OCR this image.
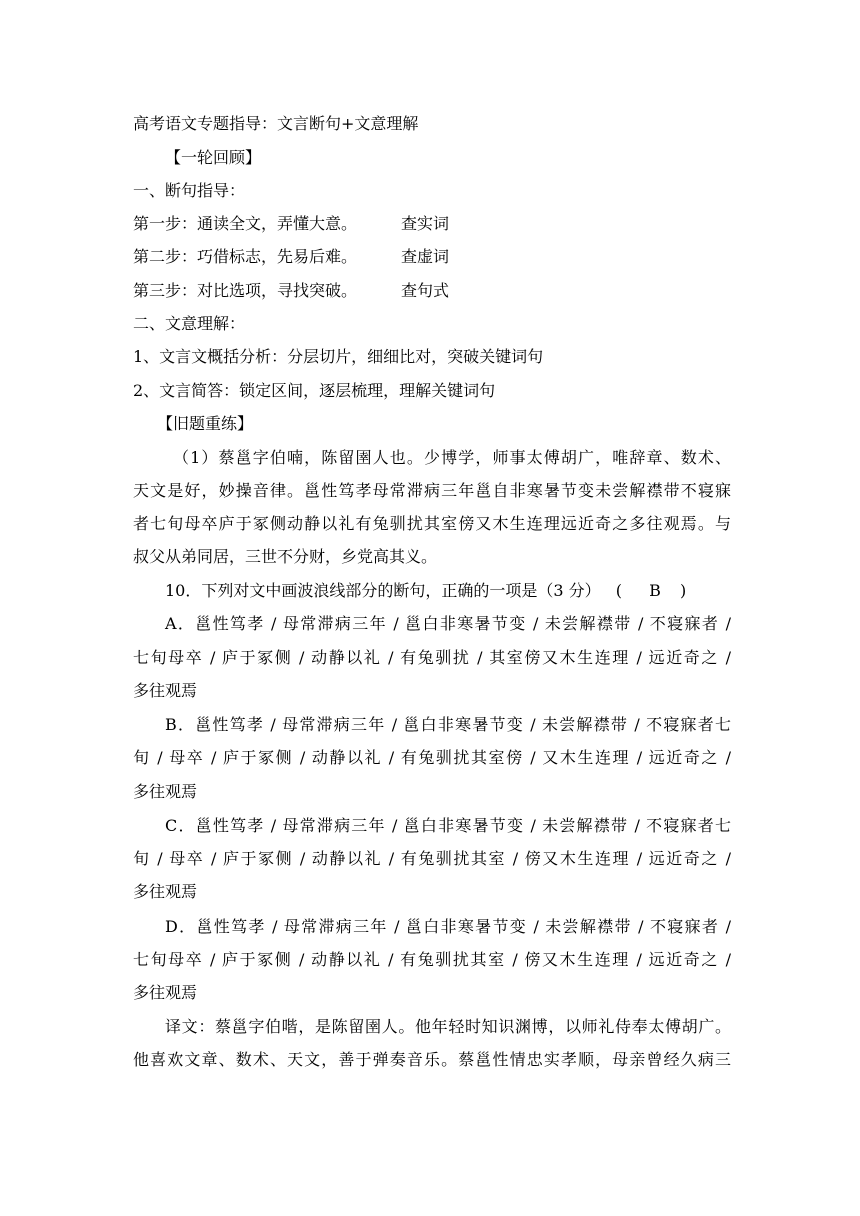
高考语文专题指导：文言断句+文意理解
【一轮回顾】
一、断句指导：
第一步：通读全文，弄懂大意。	查实词
第二步：巧借标志，先易后难。	查虚词
第三步：对比选项，寻找突破。	查句式
二、文意理解：
1、文言文概括分析：分层切片，细细比对，突破关键词句
2、文言简答：锁定区间，逐层梳理，理解关键词句
【旧题重练】
（1）蔡邕字伯喃，陈留圉人也。少博学，师事太傅胡广，唯辞章、数术、
天文是好，妙操音律。邕性笃孝母常滞病三年邕自非寒暑节变未尝解襟带不寝寐
者七旬母卒庐于冢侧动静以礼有兔驯扰其室傍又木生连理远近奇之多往观焉。与
叔父从弟同居，三世不分财，乡党高其义。
10．下列对文中画波浪线部分的断句，正确的一项是（3 分） ( B )
A．邕性笃孝 / 母常滞病三年 / 邕白非寒暑节变 / 未尝解襟带 / 不寝寐者 /
七旬母卒 / 庐于冢侧 / 动静以礼 / 有兔驯扰 / 其室傍又木生连理 / 远近奇之 /
多往观焉
B．邕性笃孝 / 母常滞病三年 / 邕白非寒暑节变 / 未尝解襟带 / 不寝寐者七
旬 / 母卒 / 庐于冢侧 / 动静以礼 / 有兔驯扰其室傍 / 又木生连理 / 远近奇之 /
多往观焉
C．邕性笃孝 / 母常滞病三年 / 邕白非寒暑节变 / 未尝解襟带 / 不寝寐者七
旬 / 母卒 / 庐于冢侧 / 动静以礼 / 有兔驯扰其室 / 傍又木生连理 / 远近奇之 /
多往观焉
D．邕性笃孝 / 母常滞病三年 / 邕白非寒暑节变 / 未尝解襟带 / 不寝寐者 /
七旬母卒 / 庐于冢侧 / 动静以礼 / 有兔驯扰其室 / 傍又木生连理 / 远近奇之 /
多往观焉
译文：蔡邕字伯喈，是陈留圉人。他年轻时知识渊博，以师礼侍奉太傅胡广。
他喜欢文章、数术、天文，善于弹奏音乐。蔡邕性情忠实孝顺，母亲曾经久病三
